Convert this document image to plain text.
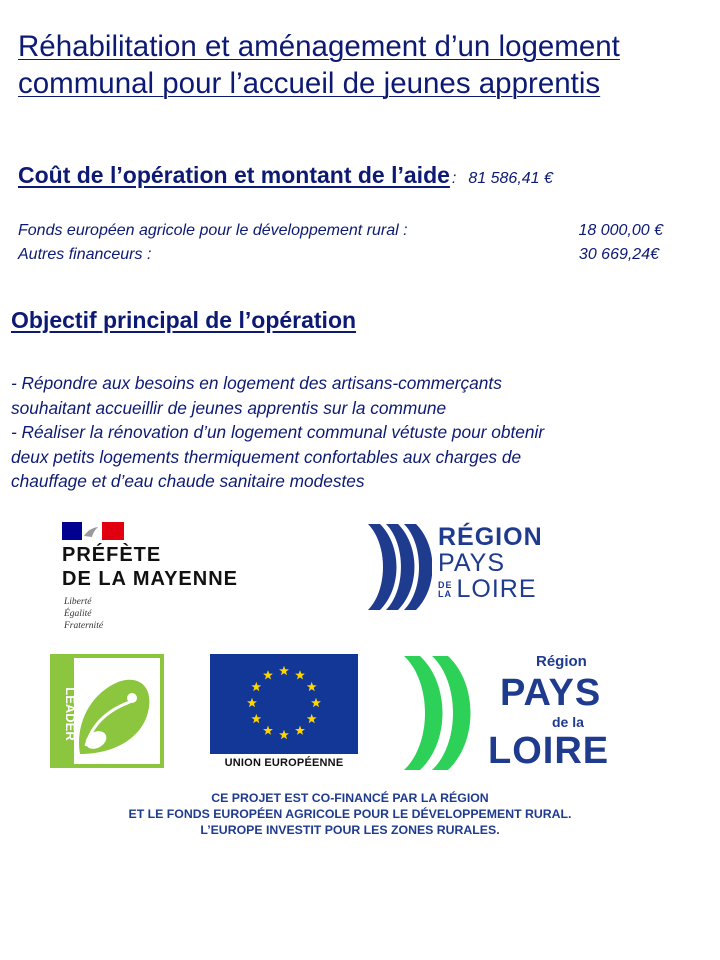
Réhabilitation et aménagement d’un logement
communal pour l’accueil de jeunes apprentis
Coût de l’opération et montant de l’aide : 81 586,41 €
Fonds européen agricole pour le développement rural :	18 000,00 €
Autres financeurs :	30 669,24€
Objectif principal de l’opération
- Répondre aux besoins en logement des artisans-commerçants
souhaitant accueillir de jeunes apprentis sur la commune
- Réaliser la rénovation d’un logement communal vétuste pour obtenir
deux petits logements thermiquement confortables aux charges de
chauffage et d’eau chaude sanitaire modestes
PRÉFÈTE
DE LA MAYENNE
Liberté
Égalité
Fraternité
RÉGION
PAYS
DE
LA LOIRE
LEADER
UNION EUROPÉENNE
Région
PAYS
de la
LOIRE
CE PROJET EST CO-FINANCÉ PAR LA RÉGION
ET LE FONDS EUROPÉEN AGRICOLE POUR LE DÉVELOPPEMENT RURAL.
L’EUROPE INVESTIT POUR LES ZONES RURALES.
